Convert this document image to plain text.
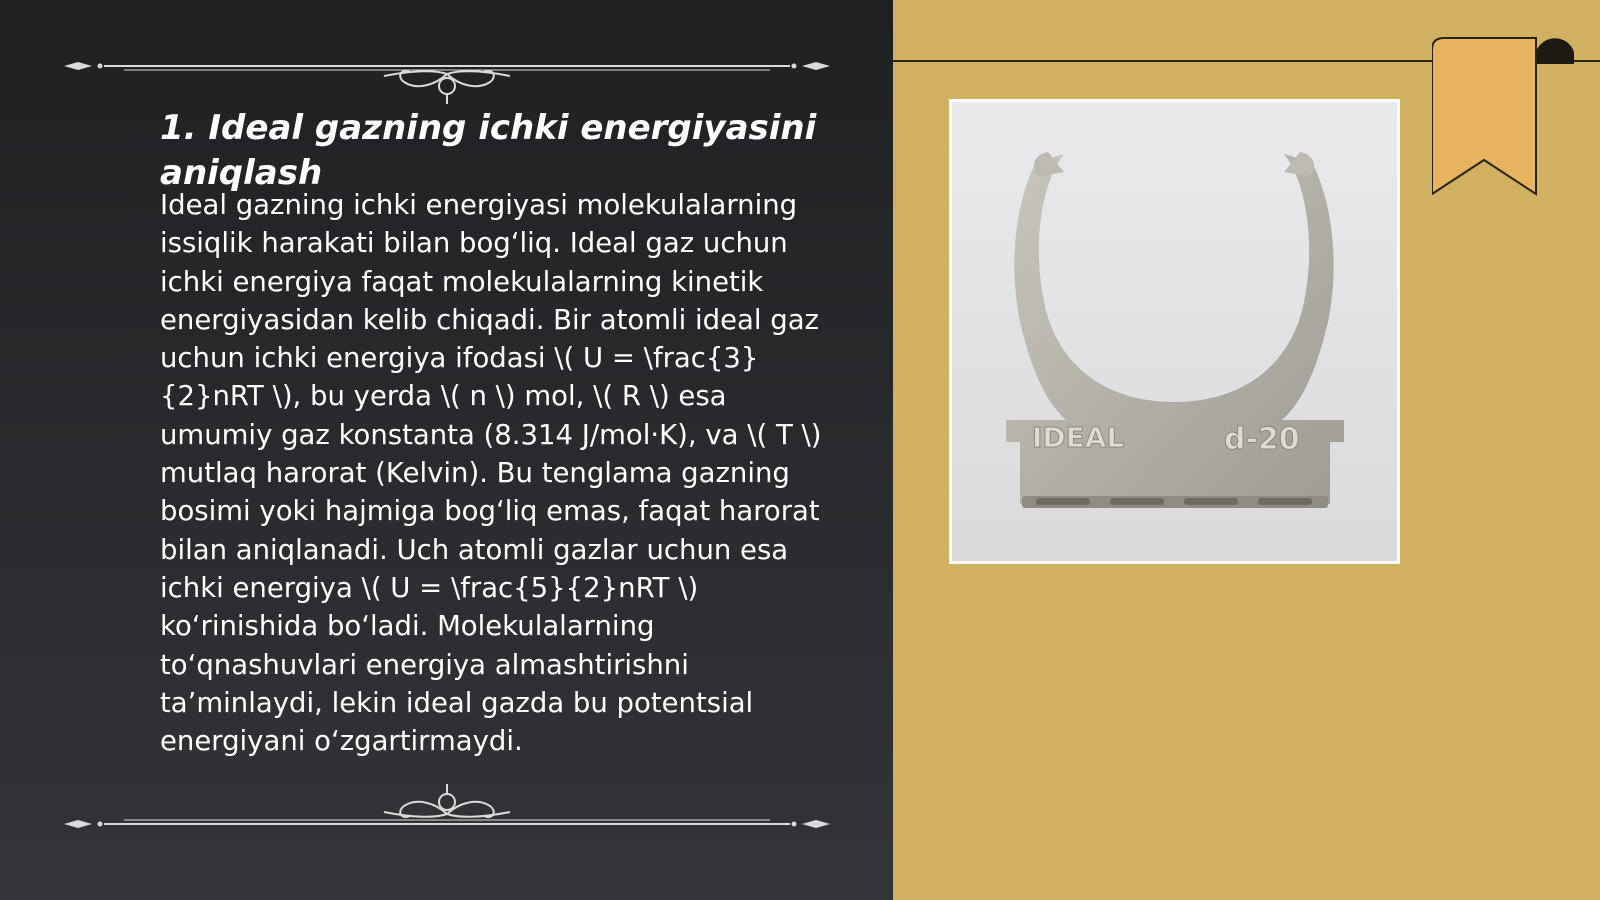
1. Ideal gazning ichki energiyasini aniqlash

Ideal gazning ichki energiyasi molekulalarning issiqlik harakati bilan bog‘liq. Ideal gaz uchun ichki energiya faqat molekulalarning kinetik energiyasidan kelib chiqadi. Bir atomli ideal gaz uchun ichki energiya ifodasi \( U = \frac{3}{2}nRT \), bu yerda \( n \) mol, \( R \) esa umumiy gaz konstanta (8.314 J/mol·K), va \( T \) mutlaq harorat (Kelvin). Bu tenglama gazning bosimi yoki hajmiga bog‘liq emas, faqat harorat bilan aniqlanadi. Uch atomli gazlar uchun esa ichki energiya \( U = \frac{5}{2}nRT \) ko‘rinishida bo‘ladi. Molekulalarning to‘qnashuvlari energiya almashtirishni ta’minlaydi, lekin ideal gazda bu potentsial energiyani o‘zgartirmaydi.

IDEAL	d-20
